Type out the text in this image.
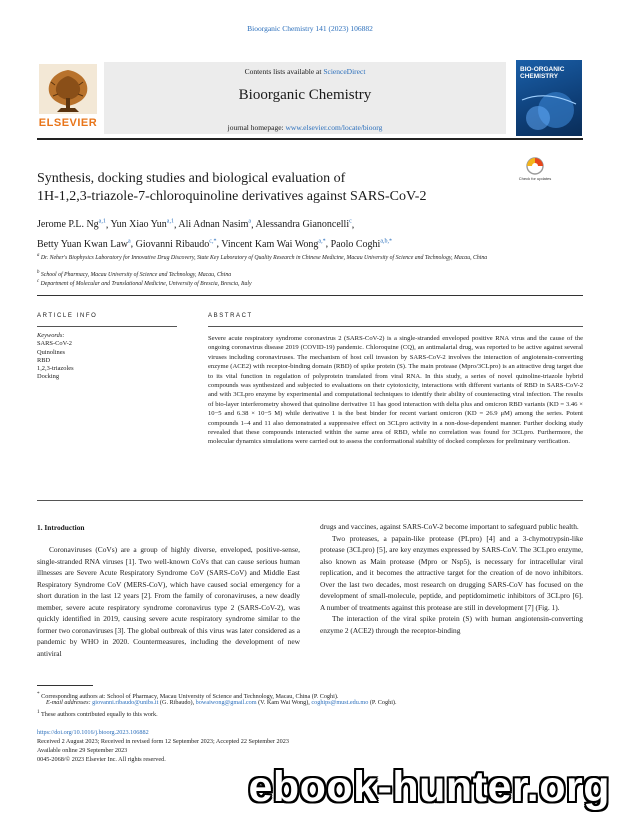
Bioorganic Chemistry 141 (2023) 106882
ELSEVIER
Contents lists available at ScienceDirect
Bioorganic Chemistry
journal homepage: www.elsevier.com/locate/bioorg
BIO-ORGANIC CHEMISTRY
Synthesis, docking studies and biological evaluation of
1H-1,2,3-triazole-7-chloroquinoline derivatives against SARS-CoV-2
Check for updates
Jerome P.L. Ng$^{a,1}$, Yun Xiao Yun$^{a,1}$, Ali Adnan Nasim$^a$, Alessandra Gianoncelli$^c$,
Betty Yuan Kwan Law$^a$, Giovanni Ribaudo$^{c,*}$, Vincent Kam Wai Wong$^{a,*}$, Paolo Coghi$^{a,b,*}$
$^a$ Dr. Neher's Biophysics Laboratory for Innovative Drug Discovery, State Key Laboratory of Quality Research in Chinese Medicine, Macau University of Science and Technology, Macau, China
$^b$ School of Pharmacy, Macau University of Science and Technology, Macau, China
$^c$ Department of Molecular and Translational Medicine, University of Brescia, Brescia, Italy
ARTICLE INFO
Keywords:
SARS-CoV-2
Quinolines
RBD
1,2,3-triazoles
Docking
ABSTRACT
Severe acute respiratory syndrome coronavirus 2 (SARS-CoV-2) is a single-stranded enveloped positive RNA virus and the cause of the ongoing coronavirus disease 2019 (COVID-19) pandemic. Chloroquine (CQ), an antimalarial drug, was reported to be active against several viruses including coronaviruses. The mechanism of host cell invasion by SARS-CoV-2 involves the interaction of angiotensin-converting enzyme (ACE2) with receptor-binding domain (RBD) of spike protein (S). The main protease (Mpro/3CLpro) is an attractive drug target due to its vital function in regulation of polyprotein translated from viral RNA. In this study, a series of novel quinoline-triazole hybrid compounds was synthesized and subjected to evaluations on their cytotoxicity, interactions with different variants of RBD in SARS-CoV-2 and with 3CLpro enzyme by experimental and computational techniques to identify their ability of counteracting viral infection. The results of bio-layer interferometry showed that quinoline derivative 11 has good interaction with delta plus and omicron RBD variants (KD = 3.46 × 10−5 and 6.38 × 10−5 M) while derivative 1 is the best binder for recent variant omicron (KD = 26.9 μM) among the series. Potent compounds 1–4 and 11 also demonstrated a suppressive effect on 3CLpro activity in a non-dose-dependent manner. Further docking study revealed that these compounds interacted within the same area of RBD, while no correlation was found for 3CLpro. Furthermore, the molecular dynamics simulations were carried out to assess the conformational stability of docked complexes for preliminary verification.
1. Introduction

Coronaviruses (CoVs) are a group of highly diverse, enveloped, positive-sense, single-stranded RNA viruses [1]. Two well-known CoVs that can cause serious human illnesses are Severe Acute Respiratory Syndrome CoV (SARS-CoV) and Middle East Respiratory Syndrome CoV (MERS-CoV), which have caused social emergency for a short duration in the last 12 years [2]. From the family of coronaviruses, a new deadly member, severe acute respiratory syndrome coronavirus type 2 (SARS-CoV-2), was quickly identified in 2019, causing severe acute respiratory syndrome similar to the former two coronaviruses [3]. The global outbreak of this virus was later considered as a pandemic by WHO in 2020. Countermeasures, including the development of new antiviral

drugs and vaccines, against SARS-CoV-2 become important to safeguard public health.

Two proteases, a papain-like protease (PLpro) [4] and a 3-chymotrypsin-like protease (3CLpro) [5], are key enzymes expressed by SARS-CoV. The 3CLpro enzyme, also known as Main protease (Mpro or Nsp5), is necessary for intracellular viral replication, and it becomes the attractive target for the creation of de novo inhibitors. Over the last two decades, most research on drugging SARS-CoV has focused on the development of small-molecule, peptide, and peptidomimetic inhibitors of 3CLpro [6]. A number of treatments against this protease are still in development [7] (Fig. 1).

The interaction of the viral spike protein (S) with human angiotensin-converting enzyme 2 (ACE2) through the receptor-binding

* Corresponding authors at: School of Pharmacy, Macau University of Science and Technology, Macau, China (P. Coghi).
E-mail addresses: giovanni.ribaudo@unibs.it (G. Ribaudo), bowaiwong@gmail.com (V. Kam Wai Wong), coghips@must.edu.mo (P. Coghi).
$^1$ These authors contributed equally to this work.
https://doi.org/10.1016/j.bioorg.2023.106882
Received 2 August 2023; Received in revised form 12 September 2023; Accepted 22 September 2023
Available online 29 September 2023
0045-2068/© 2023 Elsevier Inc. All rights reserved.
ebook-hunter.org
